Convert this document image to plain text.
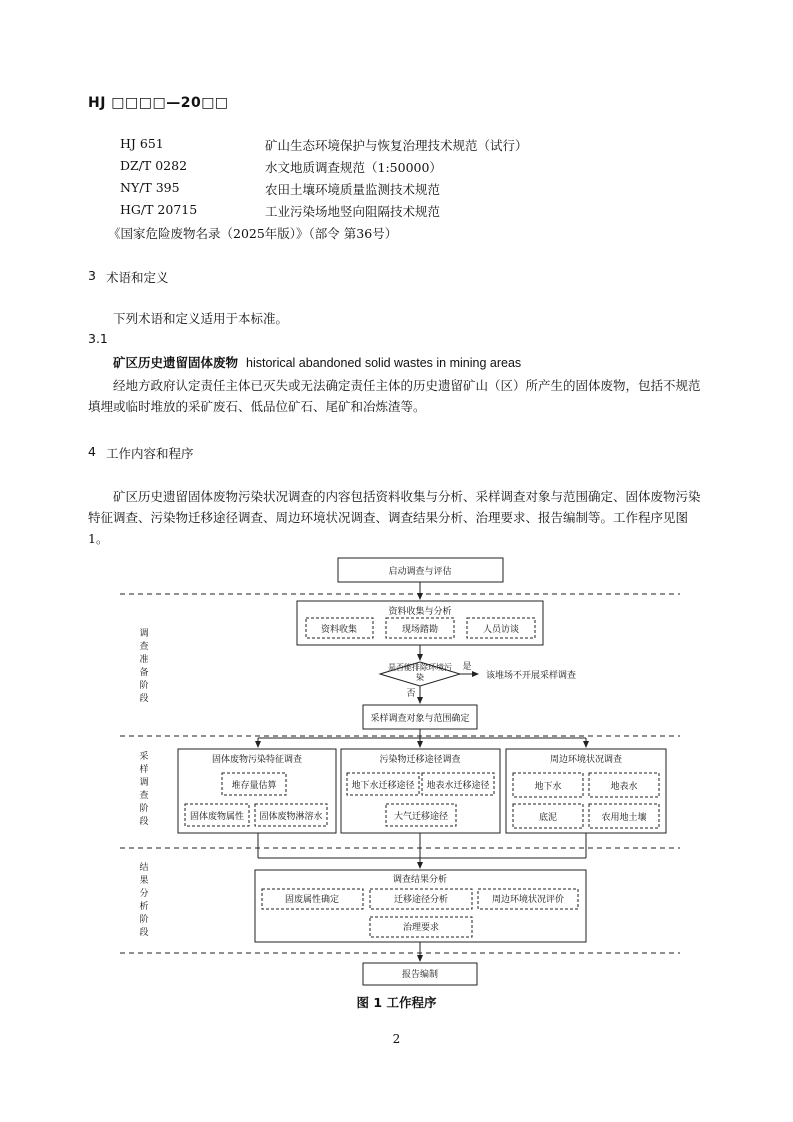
HJ □□□□—20□□
HJ 651	矿山生态环境保护与恢复治理技术规范（试行）
DZ/T 0282	水文地质调查规范（1:50000）
NY/T 395	农田土壤环境质量监测技术规范
HG/T 20715	工业污染场地竖向阻隔技术规范
《国家危险废物名录（2025年版）》（部令 第36号）
3 术语和定义
下列术语和定义适用于本标准。
3.1
矿区历史遗留固体废物 historical abandoned solid wastes in mining areas
经地方政府认定责任主体已灭失或无法确定责任主体的历史遗留矿山（区）所产生的固体废物，包括不规范填埋或临时堆放的采矿废石、低品位矿石、尾矿和冶炼渣等。
4 工作内容和程序
矿区历史遗留固体废物污染状况调查的内容包括资料收集与分析、采样调查对象与范围确定、固体废物污染特征调查、污染物迁移途径调查、周边环境状况调查、调查结果分析、治理要求、报告编制等。工作程序见图1。
启动调查与评估
资料收集与分析
资料收集	现场踏勘	人员访谈
是否能排除环境污染
是
否
该堆场不开展采样调查
采样调查对象与范围确定
固体废物污染特征调查
堆存量估算
固体废物属性 固体废物淋溶水
污染物迁移途径调查
地下水迁移途径 地表水迁移途径
大气迁移途径
周边环境状况调查
地下水	地表水
底泥	农用地土壤
调查结果分析
固废属性确定	迁移途径分析	周边环境状况评价
治理要求
报告编制
调查准备阶段
采样调查阶段
结果分析阶段
图 1 工作程序
2
